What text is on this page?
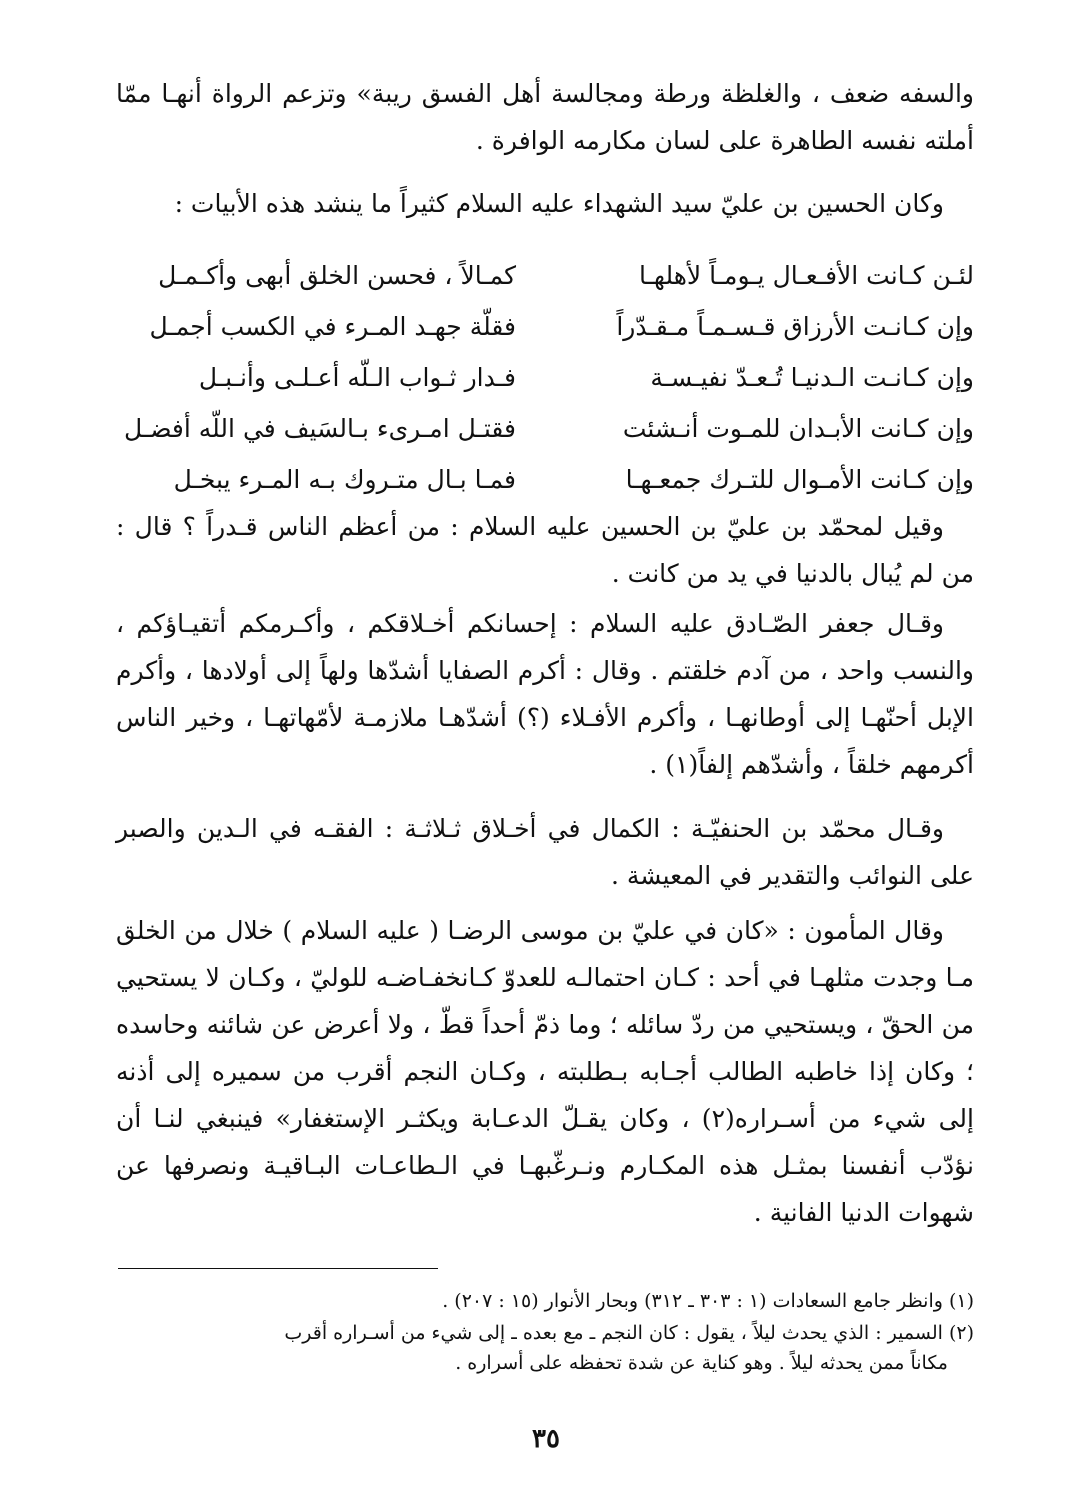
والسفه ضعف ، والغلظة ورطة ومجالسة أهل الفسق ريبة» وتزعم الرواة أنهـا ممّا أملته نفسه الطاهرة على لسان مكارمه الوافرة .

وكان الحسين بن عليّ سيد الشهداء عليه السلام كثيراً ما ينشد هذه الأبيات :

لئـن كـانت الأفـعـال يـومـاً لأهلهـا
كمـالاً ، فحسن الخلق أبهى وأكـمـل
وإن كـانـت الأرزاق قـسـمـاً مـقـدّراً
فقلّة جهـد المـرء في الكسب أجمـل
وإن كـانـت الـدنيـا تُـعـدّ نفيـسـة
فـدار ثـواب الـلّه أعـلـى وأنـبـل
وإن كـانت الأبـدان للمـوت أنـشئت
فقتـل امـرىء بـالسَيف في اللّه أفضـل
وإن كـانت الأمـوال للتـرك جمعـهـا
فمـا بـال متـروك بـه المـرء يبخـل

وقيل لمحمّد بن عليّ بن الحسين عليه السلام : من أعظم الناس قـدراً ؟ قال : من لم يُبال بالدنيا في يد من كانت .

وقـال جعفر الصّـادق عليه السلام : إحسانكم أخـلاقكم ، وأكـرمكم أتقيـاؤكم ، والنسب واحد ، من آدم خلقتم . وقال : أكرم الصفايا أشدّها ولهاً إلى أولادها ، وأكرم الإبل أحنّهـا إلى أوطانهـا ، وأكرم الأفـلاء (؟) أشدّهـا ملازمـة لأمّهاتهـا ، وخير الناس أكرمهم خلقاً ، وأشدّهم إلفاً(١) .

وقـال محمّد بن الحنفيّـة : الكمال في أخـلاق ثـلاثـة : الفقـه في الـدين والصبر على النوائب والتقدير في المعيشة .

وقال المأمون : «كان في عليّ بن موسى الرضـا ( عليه السلام ) خلال من الخلق مـا وجدت مثلهـا في أحد : كـان احتمالـه للعدوّ كـانخفـاضـه للوليّ ، وكـان لا يستحيي من الحقّ ، ويستحيي من ردّ سائله ؛ وما ذمّ أحداً قطّ ، ولا أعرض عن شائنه وحاسده ؛ وكان إذا خاطبه الطالب أجـابه بـطلبته ، وكـان النجم أقرب من سميره إلى أذنه إلى شيء من أسـراره(٢) ، وكان يقـلّ الدعـابة ويكثـر الإستغفار» فينبغي لنـا أن نؤدّب أنفسنا بمثـل هذه المكـارم ونـرغّبهـا في الـطاعـات البـاقيـة ونصرفها عن شهوات الدنيا الفانية .

(١) وانظر جامع السعادات (١ : ٣٠٣ ـ ٣١٢) وبحار الأنوار (١٥ : ٢٠٧) .

(٢) السمير : الذي يحدث ليلاً ، يقول : كان النجم ـ مع بعده ـ إلى شيء من أسـراره أقرب
مكاناً ممن يحدثه ليلاً . وهو كناية عن شدة تحفظه على أسراره .

٣٥
